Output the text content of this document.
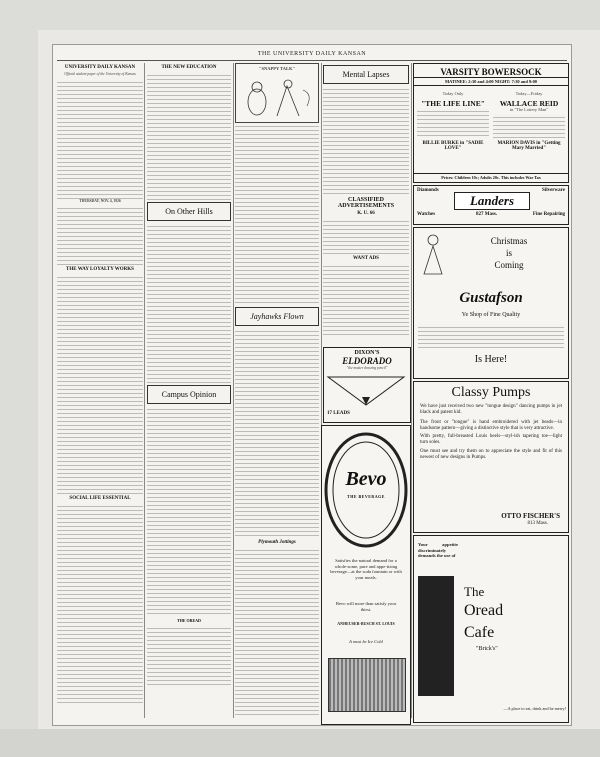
THE UNIVERSITY DAILY KANSAN
UNIVERSITY DAILY KANSAN
Official student paper of the University of Kansas
THURSDAY, NOV. 4, 1926
THE WAY LOYALTY WORKS
SOCIAL LIFE ESSENTIAL
THE NEW EDUCATION
On Other Hills
Campus Opinion
THE OREAD
"SNAPPY TALK"
Jayhawks Flown
Plymouth Jottings
Mental Lapses
CLASSIFIED ADVERTISEMENTS
K. U. 66
WANT ADS
DIXON'S
ELDORADO
"the master drawing pencil"
17 LEADS
Bevo
THE BEVERAGE
Satisfies the natural demand for a whole-some, pure and appe-tizing beverage—at the soda fountain or with your meals.
Bevo will more than satisfy your thirst.
ANHEUSER-BUSCH ST. LOUIS
It must be Ice Cold
VARSITY BOWERSOCK
MATINEE: 2:30 and 4:00 NIGHT: 7:30 and 9:00
Today Only
"THE LIFE LINE"
BILLIE BURKE in "SADIE LOVE"
Today—Friday
WALLACE REID
in "The Lottery Man"
MARION DAVIS in "Getting Mary Married"
Prices: Children 10c; Adults 20c. This includes War Tax
Diamonds	Silverware
Landers
Watches	827 Mass.	Fine Repairing
Christmas
is
Coming
Gustafson
Ye Shop of Fine Quality
Is Here!
Classy Pumps
We have just received two new "tongue design" dancing pumps in jet black and patent kid.
The front or "tongue" is hand embroidered with jet beads—in handsome pattern—giving a distinctive style that is very attractive.
With pretty, full-breasted Louis heels—styl-ish tapering toe—light turn soles.
One must see and try them on to appreciate the style and fit of this newest of new designs in Pumps.
OTTO FISCHER'S
813 Mass.
Your appetite discriminately demands the use of
The
Oread
Cafe
"Brick's"
—A place to eat, drink and be merry!
